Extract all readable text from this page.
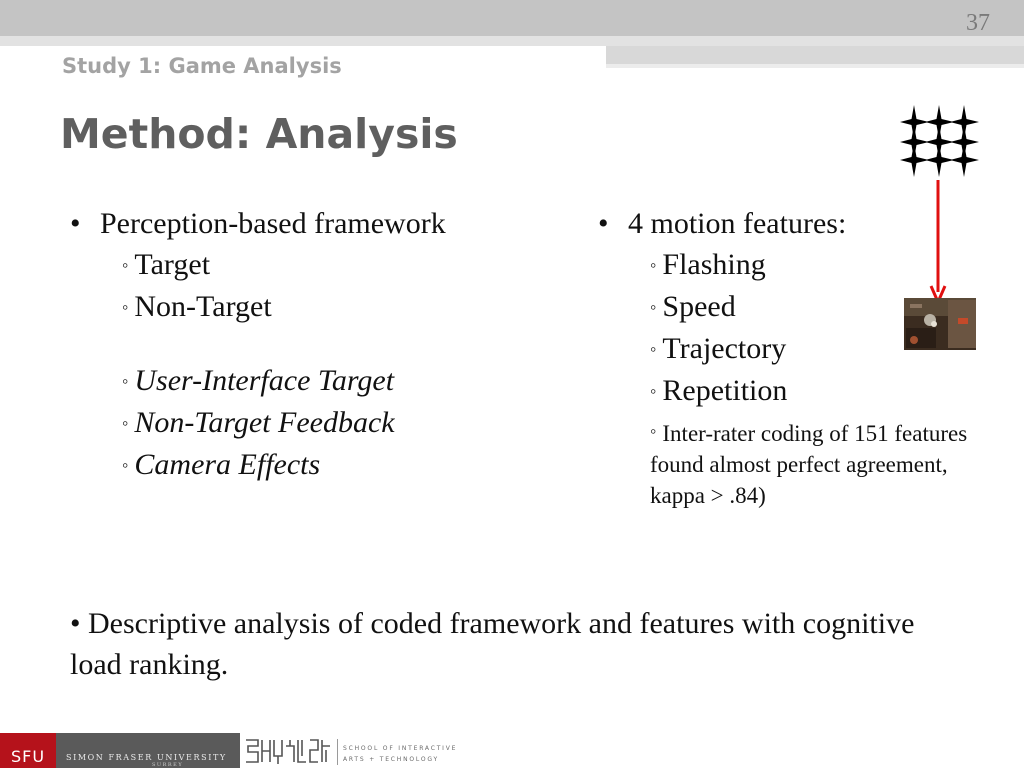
37
Study 1: Game Analysis
Method: Analysis
• Perception-based framework
◦ Target
◦ Non-Target
◦ User-Interface Target
◦ Non-Target Feedback
◦ Camera Effects
• 4 motion features:
◦ Flashing
◦ Speed
◦ Trajectory
◦ Repetition
◦ Inter-rater coding of 151 features found almost perfect agreement, kappa > .84)
• Descriptive analysis of coded framework and features with cognitive load ranking.
SFU	SIMON FRASER UNIVERSITY
SURREY
SCHOOL OF INTERACTIVE
ARTS + TECHNOLOGY
